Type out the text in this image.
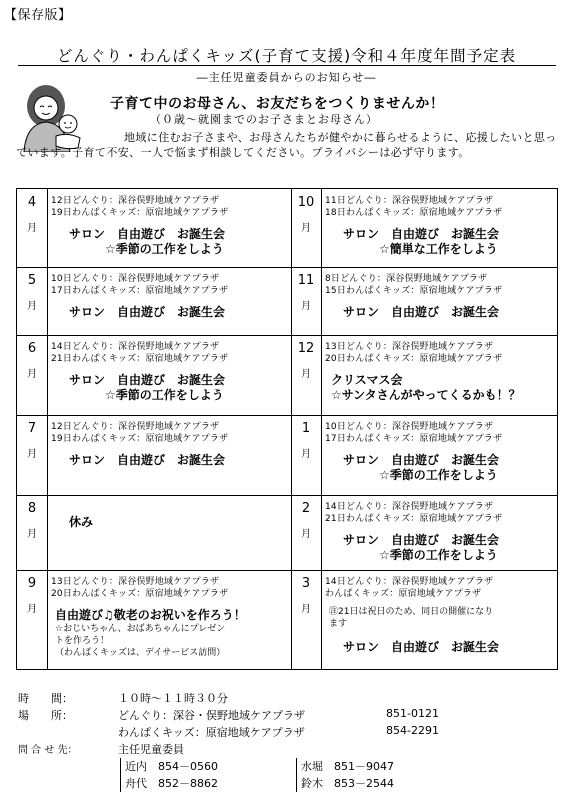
【保存版】
どんぐり・わんぱくキッズ(子育て支援)令和４年度年間予定表
―主任児童委員からのお知らせ―
子育て中のお母さん、お友だちをつくりませんか！
（０歳～就園までのお子さまとお母さん）
地域に住むお子さまや、お母さんたちが健やかに暮らせるように、応援したいと思っています。子育て不安、一人で悩まず相談してください。プライバシーは必ず守ります。
4
月
12日どんぐり：深谷俣野地域ケアプラザ
19日わんぱくキッズ：原宿地域ケアプラザ
サロン　自由遊び　お誕生会
☆季節の工作をしよう
10
月
11日どんぐり：深谷俣野地域ケアプラザ
18日わんぱくキッズ：原宿地域ケアプラザ
サロン　自由遊び　お誕生会
☆簡単な工作をしよう
5
月
10日どんぐり：深谷俣野地域ケアプラザ
17日わんぱくキッズ：原宿地域ケアプラザ
サロン　自由遊び　お誕生会
11
月
8日どんぐり：深谷俣野地域ケアプラザ
15日わんぱくキッズ：原宿地域ケアプラザ
サロン　自由遊び　お誕生会
6
月
14日どんぐり：深谷俣野地域ケアプラザ
21日わんぱくキッズ：原宿地域ケアプラザ
サロン　自由遊び　お誕生会
☆季節の工作をしよう
12
月
13日どんぐり：深谷俣野地域ケアプラザ
20日わんぱくキッズ：原宿地域ケアプラザ
クリスマス会
☆サンタさんがやってくるかも！？
7
月
12日どんぐり：深谷俣野地域ケアプラザ
19日わんぱくキッズ：原宿地域ケアプラザ
サロン　自由遊び　お誕生会
1
月
10日どんぐり：深谷俣野地域ケアプラザ
17日わんぱくキッズ：原宿地域ケアプラザ
サロン　自由遊び　お誕生会
☆季節の工作をしよう
8
月
休み
2
月
14日どんぐり：深谷俣野地域ケアプラザ
21日わんぱくキッズ：原宿地域ケアプラザ
サロン　自由遊び　お誕生会
☆季節の工作をしよう
9
月
13日どんぐり：深谷俣野地域ケアプラザ
20日わんぱくキッズ：原宿地域ケアプラザ
自由遊び♫敬老のお祝いを作ろう！
☆おじいちゃん、おばあちゃんにプレゼン
トを作ろう！
（わんぱくキッズは、デイサービス訪問）
3
月
14日どんぐり：深谷俣野地域ケアプラザ
わんぱくキッズ：原宿地域ケアプラザ
サロン　自由遊び　お誕生会
㊟21日は祝日のため、同日の開催になり
ます
時　　間：	１０時～１１時３０分
場　　所：	どんぐり：深谷・俣野地域ケアプラザ	851-0121
わんぱくキッズ：原宿地域ケアプラザ	854-2291
問 合 せ 先：	主任児童委員
近内　854－0560
舟代　852－8862
水堀　851－9047
鈴木　853－2544
